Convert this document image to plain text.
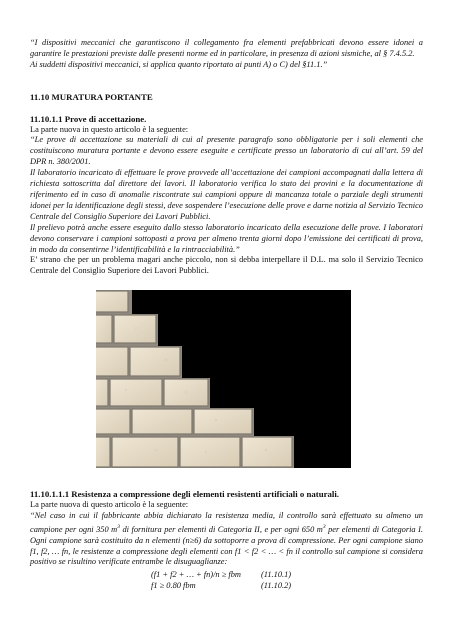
“I dispositivi meccanici che garantiscono il collegamento fra elementi prefabbricati devono essere idonei a garantire le prestazioni previste dalle presenti norme ed in particolare, in presenza di azioni sismiche, al § 7.4.5.2.

Ai suddetti dispositivi meccanici, si applica quanto riportato ai punti A) o C) del §11.1.”

11.10 MURATURA PORTANTE

11.10.1.1 Prove di accettazione.

La parte nuova in questo articolo è la seguente:

“Le prove di accettazione su materiali di cui al presente paragrafo sono obbligatorie per i soli elementi che costituiscono muratura portante e devono essere eseguite e certificate presso un laboratorio di cui all’art. 59 del DPR n. 380/2001.

Il laboratorio incaricato di effettuare le prove provvede all’accettazione dei campioni accompagnati dalla lettera di richiesta sottoscritta dal direttore dei lavori. Il laboratorio verifica lo stato dei provini e la documentazione di riferimento ed in caso di anomalie riscontrate sui campioni oppure di mancanza totale o parziale degli strumenti idonei per la identificazione degli stessi, deve sospendere l’esecuzione delle prove e darne notizia al Servizio Tecnico Centrale del Consiglio Superiore dei Lavori Pubblici.

Il prelievo potrà anche essere eseguito dallo stesso laboratorio incaricato della esecuzione delle prove. I laboratori devono conservare i campioni sottoposti a prova per almeno trenta giorni dopo l’emissione dei certificati di prova, in modo da consentirne l’identificabilità e la rintracciabilità.”

E’ strano che per un problema magari anche piccolo, non si debba interpellare il D.L. ma solo il Servizio Tecnico Centrale del Consiglio Superiore dei Lavori Pubblici.

11.10.1.1.1 Resistenza a compressione degli elementi resistenti artificiali o naturali.

La parte nuova di questo articolo è la seguente:

“Nel caso in cui il fabbricante abbia dichiarato la resistenza media, il controllo sarà effettuato su almeno un campione per ogni 350 $m^3$ di fornitura per elementi di Categoria II, e per ogni 650 $m^3$ per elementi di Categoria I. Ogni campione sarà costituito da n elementi (n≥6) da sottoporre a prova di compressione. Per ogni campione siano f1, f2, … fn, le resistenze a compressione degli elementi con f1 < f2 < … < fn il controllo sul campione si considera positivo se risultino verificate entrambe le disuguaglianze:

(f1 + f2 + … + fn)/n ≥ fbm	(11.10.1)
f1 ≥ 0.80 fbm	(11.10.2)
